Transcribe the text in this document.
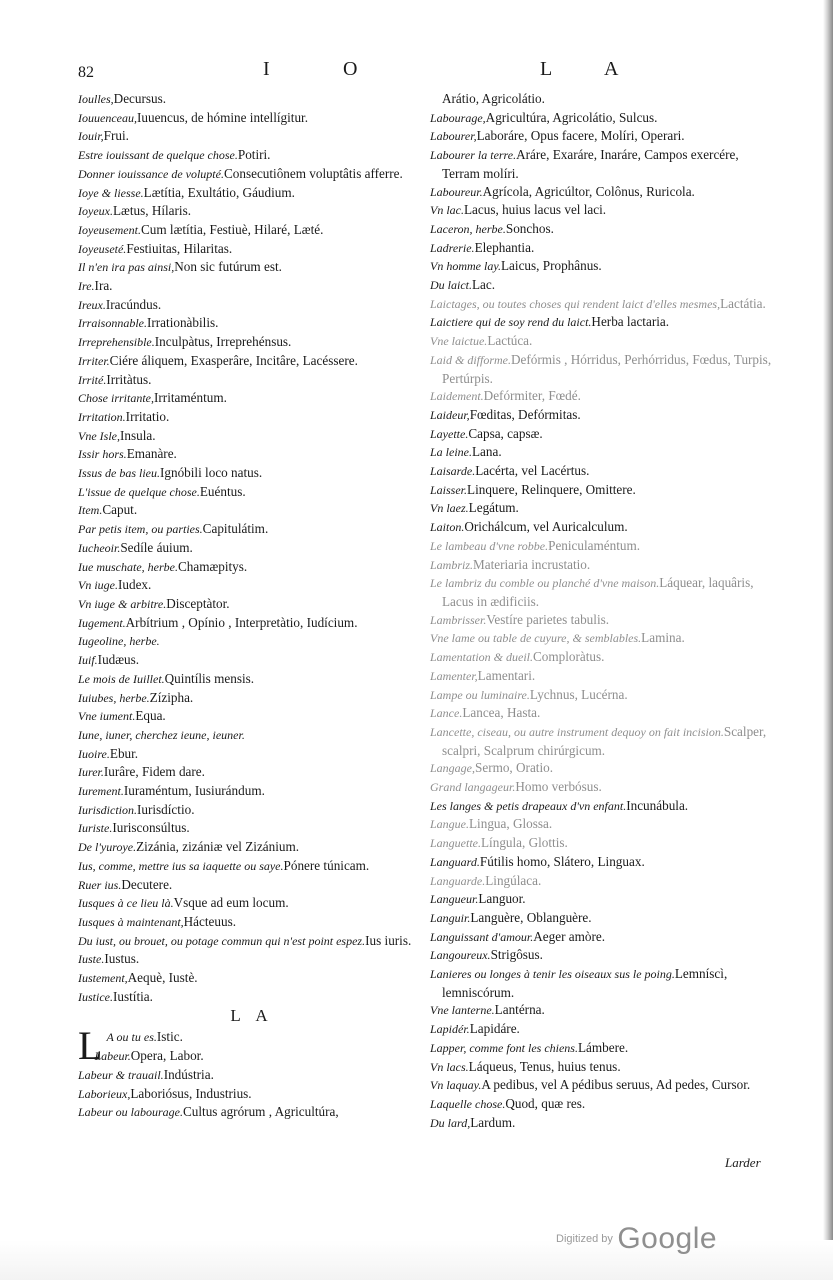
82	I	O	L A

Ioulles,Decursus.

Iouuenceau,Iuuencus, de hómine intellígitur.

Iouir,Frui.

Estre iouissant de quelque chose.Potiri.

Donner iouissance de volupté.Consecutiônem voluptâtis afferre.

Ioye & liesse.Lætítia, Exultátio, Gáudium.

Ioyeux.Lætus, Hílaris.

Ioyeusement.Cum lætítia, Festiuè, Hilaré, Læté.

Ioyeuseté.Festiuitas, Hilaritas.

Il n'en ira pas ainsi,Non sic futúrum est.

Ire.Ira.

Ireux.Iracúndus.

Irraisonnable.Irrationàbilis.

Irreprehensible.Inculpàtus, Irreprehénsus.

Irriter.Ciére áliquem, Exasperâre, Incitâre, Lacéssere.

Irrité.Irritàtus.

Chose irritante,Irritaméntum.

Irritation.Irritatio.

Vne Isle,Insula.

Issir hors.Emanàre.

Issus de bas lieu.Ignóbili loco natus.

L'issue de quelque chose.Euéntus.

Item.Caput.

Par petis item, ou parties.Capitulátim.

Iucheoir.Sedíle áuium.

Iue muschate, herbe.Chamæpitys.

Vn iuge.Iudex.

Vn iuge & arbitre.Disceptàtor.

Iugement.Arbítrium , Opínio , Interpretàtio, Iudícium.

Iugeoline, herbe.

Iuif.Iudæus.

Le mois de Iuillet.Quintílis mensis.

Iuiubes, herbe.Zízipha.

Vne iument.Equa.

Iune, iuner, cherchez ieune, ieuner.

Iuoire.Ebur.

Iurer.Iurâre, Fidem dare.

Iurement.Iuraméntum, Iusiurándum.

Iurisdiction.Iurisdíctio.

Iuriste.Iurisconsúltus.

De l'yuroye.Zizánia, zizániæ vel Zizánium.

Ius, comme, mettre ius sa iaquette ou saye.Pónere túnicam.

Ruer ius.Decutere.

Iusques à ce lieu là.Vsque ad eum locum.

Iusques à maintenant,Hácteuus.

Du iust, ou brouet, ou potage commun qui n'est point espez.Ius iuris.

Iuste.Iustus.

Iustement,Aequè, Iustè.

Iustice.Iustítia.

L A

L A ou tu es.Istic.

Labeur.Opera, Labor.

Labeur & trauail.Indústria.

Laborieux,Laboriósus, Industrius.

Labeur ou labourage.Cultus agrórum , Agricultúra,

Arátio, Agricolátio.

Labourage,Agricultúra, Agricolátio, Sulcus.

Labourer,Laboráre, Opus facere, Molíri, Operari.

Labourer la terre.Aráre, Exaráre, Inaráre, Campos exercére, Terram molíri.

Laboureur.Agrícola, Agricúltor, Colônus, Ruricola.

Vn lac.Lacus, huius lacus vel laci.

Laceron, herbe.Sonchos.

Ladrerie.Elephantia.

Vn homme lay.Laicus, Prophânus.

Du laict.Lac.

Laictages, ou toutes choses qui rendent laict d'elles mesmes,Lactátia.

Laictiere qui de soy rend du laict.Herba lactaria.

Vne laictue.Lactúca.

Laid & difforme.Defórmis , Hórridus, Perhórridus, Fœdus, Turpis, Pertúrpis.

Laidement.Defórmiter, Fœdé.

Laideur,Fœditas, Defórmitas.

Layette.Capsa, capsæ.

La leine.Lana.

Laisarde.Lacérta, vel Lacértus.

Laisser.Linquere, Relinquere, Omittere.

Vn laez.Legátum.

Laiton.Orichálcum, vel Auricalculum.

Le lambeau d'vne robbe.Peniculaméntum.

Lambriz.Materiaria incrustatio.

Le lambriz du comble ou planché d'vne maison.Láquear, laquâris, Lacus in ædificiis.

Lambrisser.Vestíre parietes tabulis.

Vne lame ou table de cuyure, & semblables.Lamina.

Lamentation & dueil.Comploràtus.

Lamenter,Lamentari.

Lampe ou luminaire.Lychnus, Lucérna.

Lance.Lancea, Hasta.

Lancette, ciseau, ou autre instrument dequoy on fait incision.Scalper, scalpri, Scalprum chirúrgicum.

Langage,Sermo, Oratio.

Grand langageur.Homo verbósus.

Les langes & petis drapeaux d'vn enfant.Incunábula.

Langue.Lingua, Glossa.

Languette.Língula, Glottis.

Languard.Fútilis homo, Slátero, Linguax.

Languarde.Lingúlaca.

Langueur.Languor.

Languir.Languère, Oblanguère.

Languissant d'amour.Aeger amòre.

Langoureux.Strigôsus.

Lanieres ou longes à tenir les oiseaux sus le poing.Lemníscì, lemniscórum.

Vne lanterne.Lantérna.

Lapidér.Lapidáre.

Lapper, comme font les chiens.Lámbere.

Vn lacs.Láqueus, Tenus, huius tenus.

Vn laquay.A pedibus, vel A pédibus seruus, Ad pedes, Cursor.

Laquelle chose.Quod, quæ res.

Du lard,Lardum.

Larder
Digitized by Google
